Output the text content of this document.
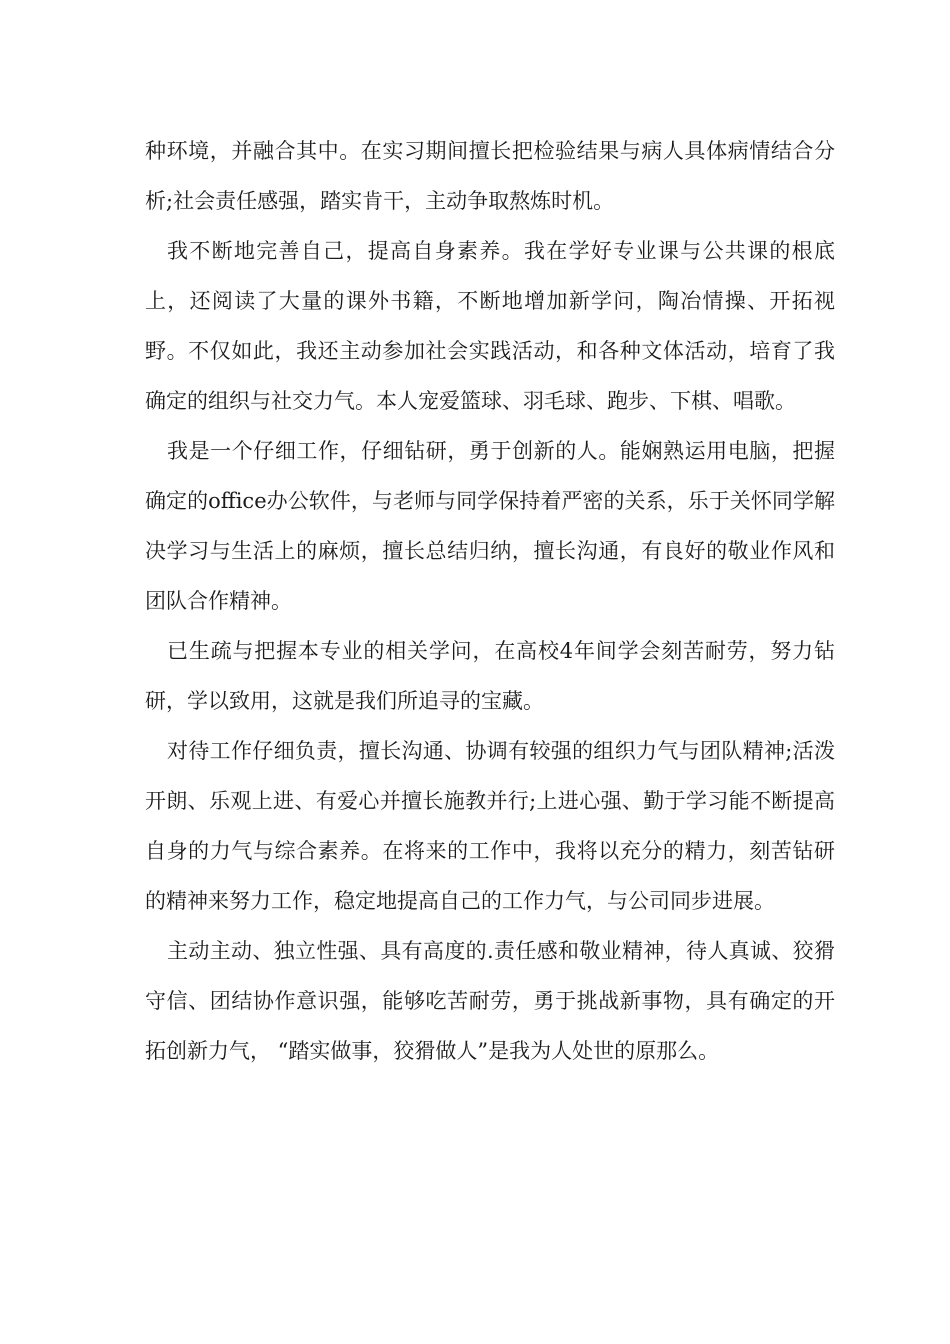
种环境，并融合其中。在实习期间擅长把检验结果与病人具体病情结合分析;社会责任感强，踏实肯干，主动争取熬炼时机。

我不断地完善自己，提高自身素养。我在学好专业课与公共课的根底上，还阅读了大量的课外书籍，不断地增加新学问，陶冶情操、开拓视野。不仅如此，我还主动参加社会实践活动，和各种文体活动，培育了我确定的组织与社交力气。本人宠爱篮球、羽毛球、跑步、下棋、唱歌。

我是一个仔细工作，仔细钻研，勇于创新的人。能娴熟运用电脑，把握确定的office办公软件，与老师与同学保持着严密的关系，乐于关怀同学解决学习与生活上的麻烦，擅长总结归纳，擅长沟通，有良好的敬业作风和团队合作精神。

已生疏与把握本专业的相关学问，在高校4年间学会刻苦耐劳，努力钻研，学以致用，这就是我们所追寻的宝藏。

对待工作仔细负责，擅长沟通、协调有较强的组织力气与团队精神;活泼开朗、乐观上进、有爱心并擅长施教并行;上进心强、勤于学习能不断提高自身的力气与综合素养。在将来的工作中，我将以充分的精力，刻苦钻研的精神来努力工作，稳定地提高自己的工作力气，与公司同步进展。

主动主动、独立性强、具有高度的.责任感和敬业精神，待人真诚、狡猾守信、团结协作意识强，能够吃苦耐劳，勇于挑战新事物，具有确定的开拓创新力气， “踏实做事，狡猾做人”是我为人处世的原那么。
